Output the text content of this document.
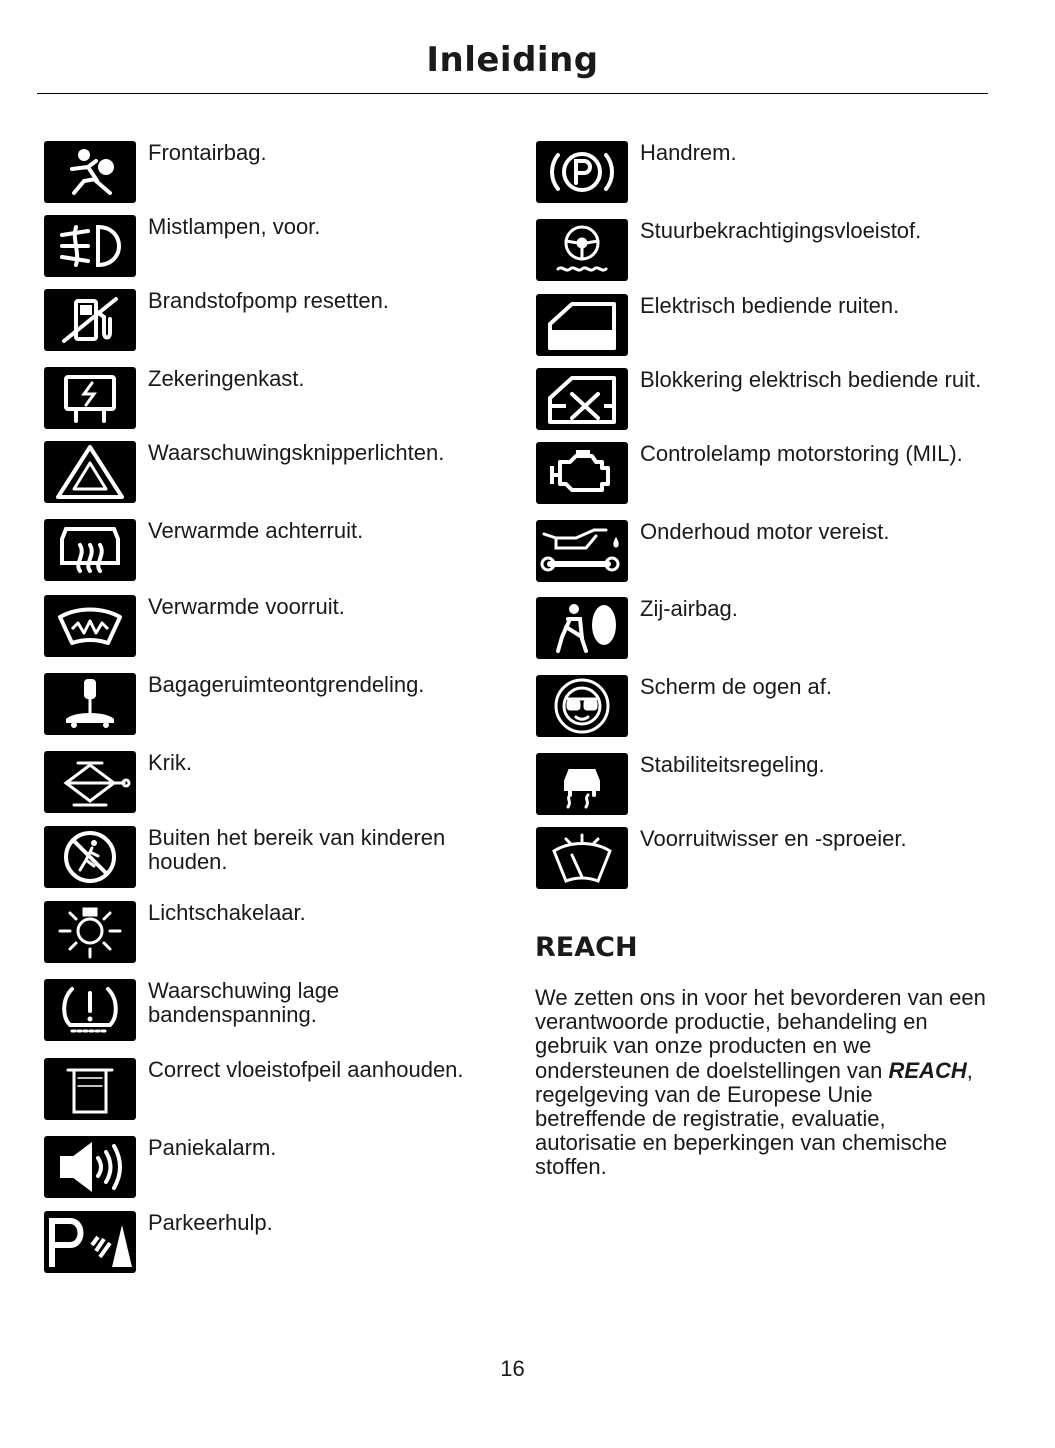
Inleiding
Frontairbag.
Mistlampen, voor.
Brandstofpomp resetten.
Zekeringenkast.
Waarschuwingsknipperlichten.
Verwarmde achterruit.
Verwarmde voorruit.
Bagageruimteontgrendeling.
Krik.
Buiten het bereik van kinderen houden.
Lichtschakelaar.
Waarschuwing lage bandenspanning.
Correct vloeistofpeil aanhouden.
Paniekalarm.
Parkeerhulp.
Handrem.
Stuurbekrachtigingsvloeistof.
Elektrisch bediende ruiten.
Blokkering elektrisch bediende ruit.
Controlelamp motorstoring (MIL).
Onderhoud motor vereist.
Zij-airbag.
Scherm de ogen af.
Stabiliteitsregeling.
Voorruitwisser en -sproeier.
REACH
We zetten ons in voor het bevorderen van een verantwoorde productie, behandeling en gebruik van onze producten en we ondersteunen de doelstellingen van REACH, regelgeving van de Europese Unie betreffende de registratie, evaluatie, autorisatie en beperkingen van chemische stoffen.
16
